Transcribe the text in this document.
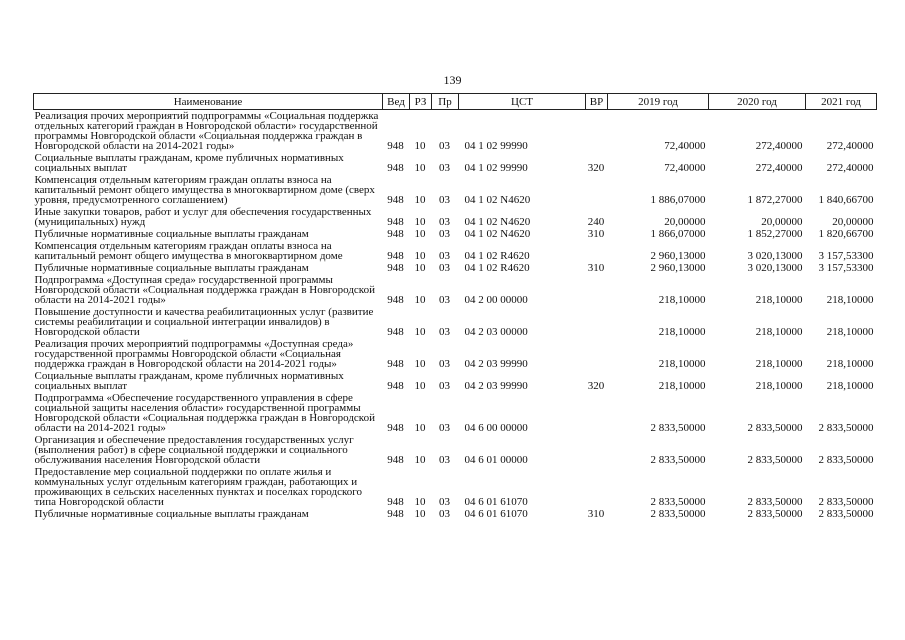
139
Наименование	Вед	РЗ	Пр	ЦСТ	ВР	2019 год	2020 год	2021 год
Реализация прочих мероприятий подпрограммы «Социальная поддержка отдельных категорий граждан в Новгородской области» государственной программы Новгородской области «Социальная поддержка граждан в Новгородской области на 2014-2021 годы»	948	10	03	04 1 02 99990		72,40000	272,40000	272,40000
Социальные выплаты гражданам, кроме публичных нормативных социальных выплат	948	10	03	04 1 02 99990	320	72,40000	272,40000	272,40000
Компенсация отдельным категориям граждан оплаты взноса на капитальный ремонт общего имущества в многоквартирном доме (сверх уровня, предусмотренного соглашением)	948	10	03	04 1 02 N4620		1 886,07000	1 872,27000	1 840,66700
Иные закупки товаров, работ и услуг для обеспечения государственных (муниципальных) нужд	948	10	03	04 1 02 N4620	240	20,00000	20,00000	20,00000
Публичные нормативные социальные выплаты гражданам	948	10	03	04 1 02 N4620	310	1 866,07000	1 852,27000	1 820,66700
Компенсация отдельным категориям граждан оплаты взноса на капитальный ремонт общего имущества в многоквартирном доме	948	10	03	04 1 02 R4620		2 960,13000	3 020,13000	3 157,53300
Публичные нормативные социальные выплаты гражданам	948	10	03	04 1 02 R4620	310	2 960,13000	3 020,13000	3 157,53300
Подпрограмма «Доступная среда» государственной программы Новгородской области «Социальная поддержка граждан в Новгородской области на 2014-2021 годы»	948	10	03	04 2 00 00000		218,10000	218,10000	218,10000
Повышение доступности и качества реабилитационных услуг (развитие системы реабилитации и социальной интеграции инвалидов) в Новгородской области	948	10	03	04 2 03 00000		218,10000	218,10000	218,10000
Реализация прочих мероприятий подпрограммы «Доступная среда» государственной программы Новгородской области «Социальная поддержка граждан в Новгородской области на 2014-2021 годы»	948	10	03	04 2 03 99990		218,10000	218,10000	218,10000
Социальные выплаты гражданам, кроме публичных нормативных социальных выплат	948	10	03	04 2 03 99990	320	218,10000	218,10000	218,10000
Подпрограмма «Обеспечение государственного управления в сфере социальной защиты населения области» государственной программы Новгородской области «Социальная поддержка граждан в Новгородской области на 2014-2021 годы»	948	10	03	04 6 00 00000		2 833,50000	2 833,50000	2 833,50000
Организация и обеспечение предоставления государственных услуг (выполнения работ) в сфере социальной поддержки и социального обслуживания населения Новгородской области	948	10	03	04 6 01 00000		2 833,50000	2 833,50000	2 833,50000
Предоставление мер социальной поддержки по оплате жилья и коммунальных услуг отдельным категориям граждан, работающих и проживающих в сельских населенных пунктах и поселках городского типа Новгородской области	948	10	03	04 6 01 61070		2 833,50000	2 833,50000	2 833,50000
Публичные нормативные социальные выплаты гражданам	948	10	03	04 6 01 61070	310	2 833,50000	2 833,50000	2 833,50000
